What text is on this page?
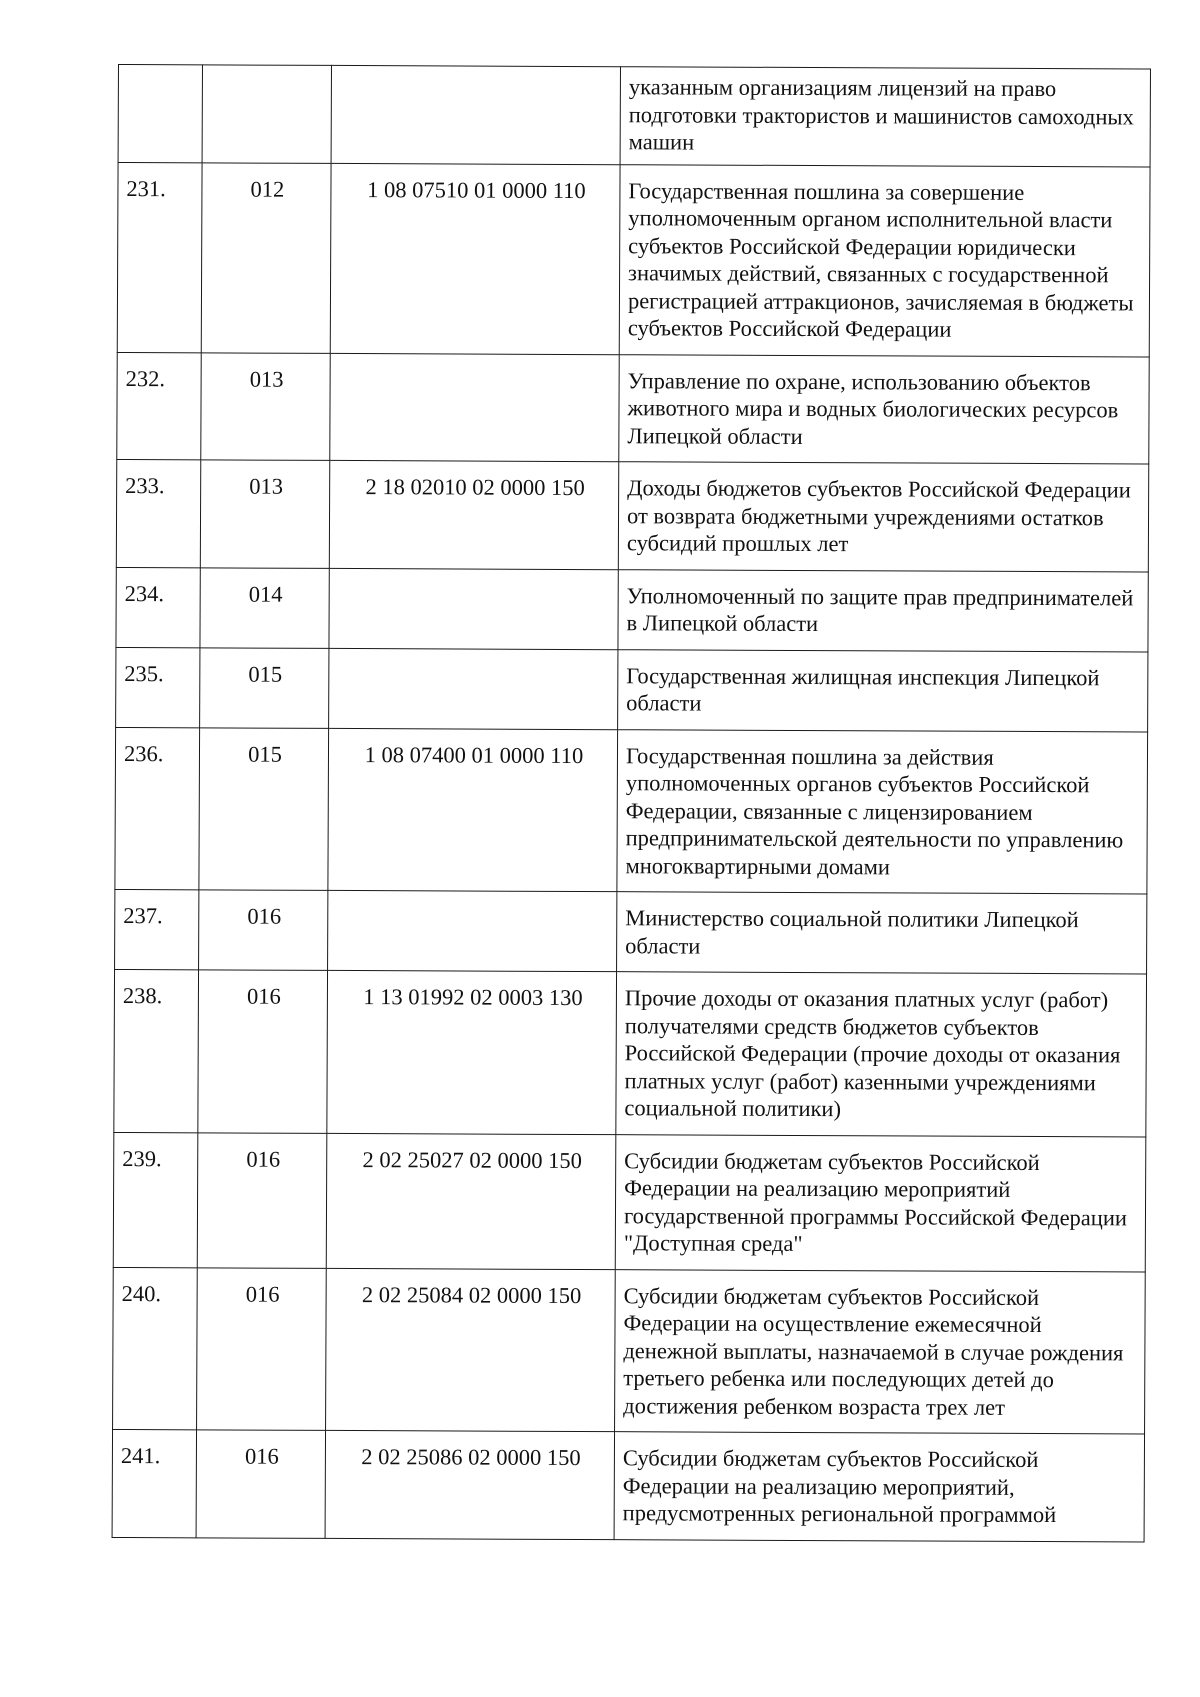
			указанным организациям лицензий на право подготовки трактористов и машинистов самоходных машин
231.	012	1 08 07510 01 0000 110	Государственная пошлина за совершение уполномоченным органом исполнительной власти субъектов Российской Федерации юридически значимых действий, связанных с государственной регистрацией аттракционов, зачисляемая в бюджеты субъектов Российской Федерации
232.	013		Управление по охране, использованию объектов животного мира и водных биологических ресурсов Липецкой области
233.	013	2 18 02010 02 0000 150	Доходы бюджетов субъектов Российской Федерации от возврата бюджетными учреждениями остатков субсидий прошлых лет
234.	014		Уполномоченный по защите прав предпринимателей в Липецкой области
235.	015		Государственная жилищная инспекция Липецкой области
236.	015	1 08 07400 01 0000 110	Государственная пошлина за действия уполномоченных органов субъектов Российской Федерации, связанные с лицензированием предпринимательской деятельности по управлению многоквартирными домами
237.	016		Министерство социальной политики Липецкой области
238.	016	1 13 01992 02 0003 130	Прочие доходы от оказания платных услуг (работ) получателями средств бюджетов субъектов Российской Федерации (прочие доходы от оказания платных услуг (работ) казенными учреждениями социальной политики)
239.	016	2 02 25027 02 0000 150	Субсидии бюджетам субъектов Российской Федерации на реализацию мероприятий государственной программы Российской Федерации "Доступная среда"
240.	016	2 02 25084 02 0000 150	Субсидии бюджетам субъектов Российской Федерации на осуществление ежемесячной денежной выплаты, назначаемой в случае рождения третьего ребенка или последующих детей до достижения ребенком возраста трех лет
241.	016	2 02 25086 02 0000 150	Субсидии бюджетам субъектов Российской Федерации на реализацию мероприятий, предусмотренных региональной программой
